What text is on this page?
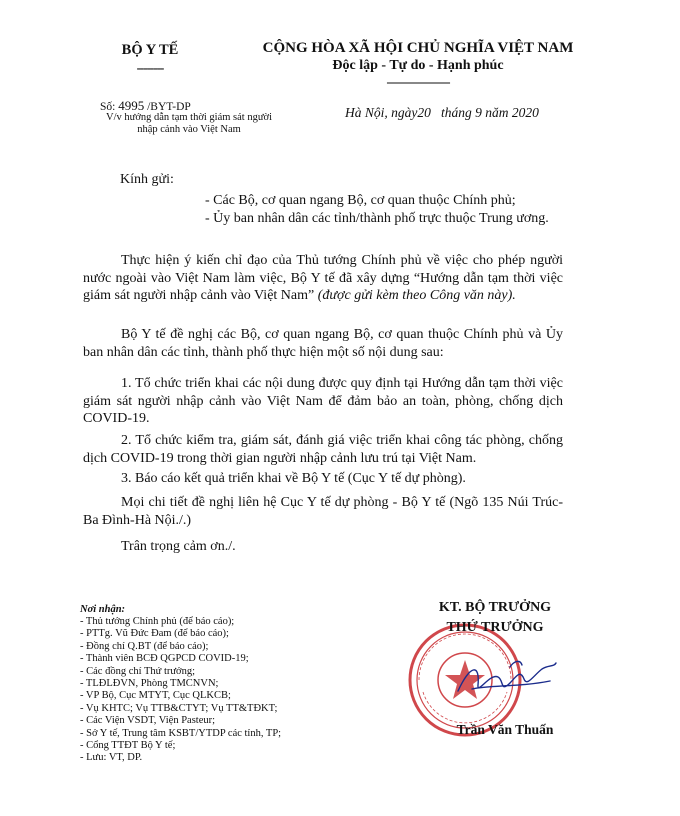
BỘ Y TẾ
--------
CỘNG HÒA XÃ HỘI CHỦ NGHĨA VIỆT NAM
Độc lập - Tự do - Hạnh phúc
---------------------
Số: 4995 /BYT-DP
V/v hướng dẫn tạm thời giám sát người nhập cảnh vào Việt Nam
Hà Nội, ngày20   tháng 9 năm 2020
Kính gửi:
- Các Bộ, cơ quan ngang Bộ, cơ quan thuộc Chính phủ;
- Ủy ban nhân dân các tỉnh/thành phố trực thuộc Trung ương.

Thực hiện ý kiến chỉ đạo của Thủ tướng Chính phủ về việc cho phép người nước ngoài vào Việt Nam làm việc, Bộ Y tế đã xây dựng “Hướng dẫn tạm thời việc giám sát người nhập cảnh vào Việt Nam” (được gửi kèm theo Công văn này).

Bộ Y tế đề nghị các Bộ, cơ quan ngang Bộ, cơ quan thuộc Chính phủ và Ủy ban nhân dân các tỉnh, thành phố thực hiện một số nội dung sau:

1. Tổ chức triển khai các nội dung được quy định tại Hướng dẫn tạm thời việc giám sát người nhập cảnh vào Việt Nam để đảm bảo an toàn, phòng, chống dịch COVID-19.

2. Tổ chức kiểm tra, giám sát, đánh giá việc triển khai công tác phòng, chống dịch COVID-19 trong thời gian người nhập cảnh lưu trú tại Việt Nam.

3. Báo cáo kết quả triển khai về Bộ Y tế (Cục Y tế dự phòng).

Mọi chi tiết đề nghị liên hệ Cục Y tế dự phòng - Bộ Y tế (Ngõ 135 Núi Trúc- Ba Đình-Hà Nội./.)

Trân trọng cảm ơn./.

Nơi nhận:
- Thủ tướng Chính phủ (để báo cáo);
- PTTg. Vũ Đức Đam (để báo cáo);
- Đồng chí Q.BT (để báo cáo);
- Thành viên BCĐ QGPCD COVID-19;
- Các đồng chí Thứ trưởng;
- TLĐLĐVN, Phòng TMCNVN;
- VP Bộ, Cục MTYT, Cục QLKCB;
- Vụ KHTC; Vụ TTB&CTYT; Vụ TT&TĐKT;
- Các Viện VSDT, Viện Pasteur;
- Sở Y tế, Trung tâm KSBT/YTDP các tỉnh, TP;
- Cổng TTĐT Bộ Y tế;
- Lưu: VT, DP.
KT. BỘ TRƯỞNG
THỨ TRƯỞNG
Trần Văn Thuấn
